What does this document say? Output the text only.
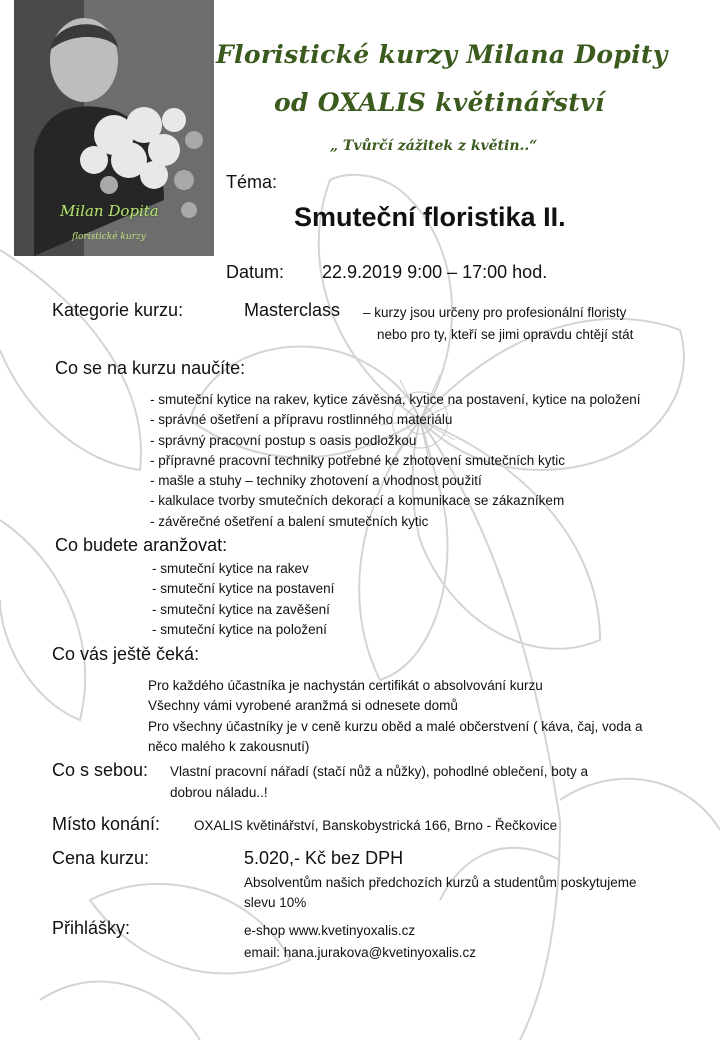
Milan Dopita
floristické kurzy
Floristické kurzy Milana Dopity
od OXALIS květinářství
„ Tvůrčí zážitek z květin..“
Téma:
Smuteční floristika II.
Datum: 22.9.2019 9:00 – 17:00 hod.
Kategorie kurzu:	Masterclass – kurzy jsou určeny pro profesionální floristy
nebo pro ty, kteří se jimi opravdu chtějí stát
Co se na kurzu naučíte:
- smuteční kytice na rakev, kytice závěsná, kytice na postavení, kytice na položení
- správné ošetření a přípravu rostlinného materiálu
- správný pracovní postup s oasis podložkou
- přípravné pracovní techniky potřebné ke zhotovení smutečních kytic
- mašle a stuhy – techniky zhotovení a vhodnost použití
- kalkulace tvorby smutečních dekorací a komunikace se zákazníkem
- závěrečné ošetření a balení smutečních kytic
Co budete aranžovat:
- smuteční kytice na rakev
- smuteční kytice na postavení
- smuteční kytice na zavěšení
- smuteční kytice na položení
Co vás ještě čeká:
Pro každého účastníka je nachystán certifikát o absolvování kurzu
Všechny vámi vyrobené aranžmá si odnesete domů
Pro všechny účastníky je v ceně kurzu oběd a malé občerstvení ( káva, čaj, voda a
něco malého k zakousnutí)
Co s sebou: Vlastní pracovní nářadí (stačí nůž a nůžky), pohodlné oblečení, boty a
dobrou náladu..!
Místo konání:	OXALIS květinářství, Banskobystrická 166, Brno - Řečkovice
Cena kurzu:	5.020,- Kč bez DPH
Absolventům našich předchozích kurzů a studentům poskytujeme
slevu 10%
Přihlášky:	e-shop www.kvetinyoxalis.cz
email: hana.jurakova@kvetinyoxalis.cz
